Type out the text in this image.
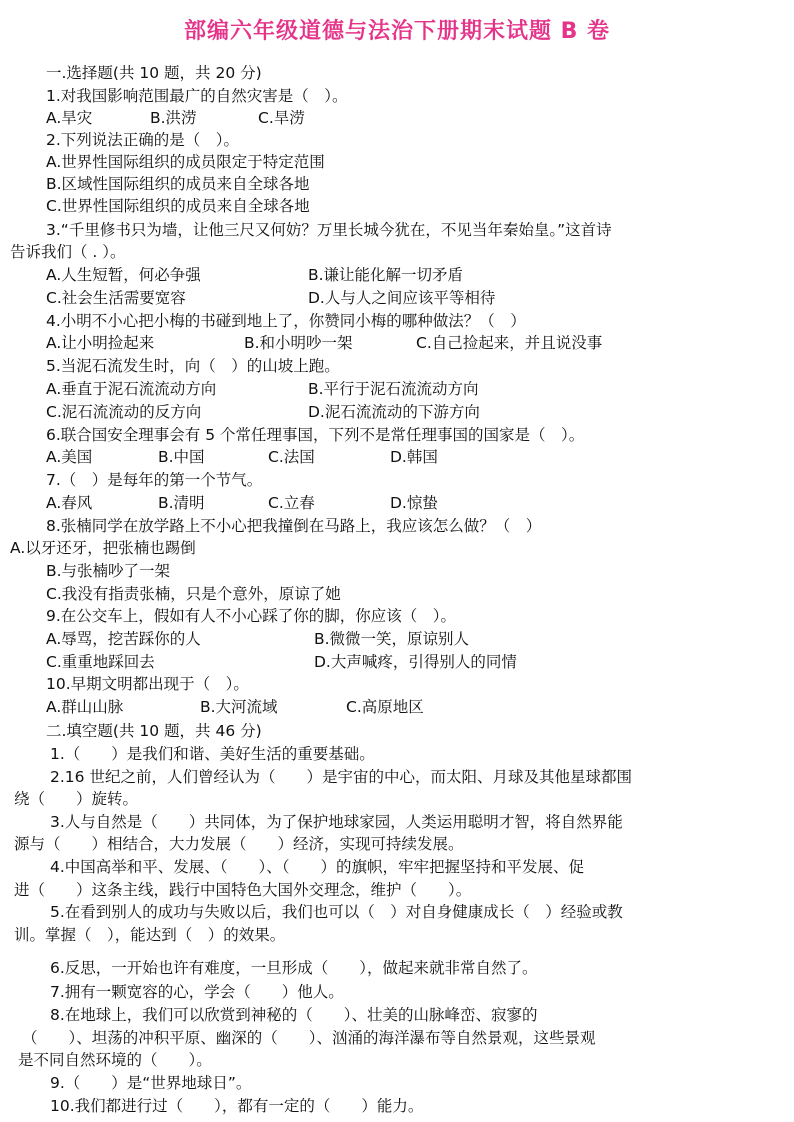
部编六年级道德与法治下册期末试题 B 卷
一.选择题(共 10 题，共 20 分)
1.对我国影响范围最广的自然灾害是（　）。
A.旱灾	B.洪涝	C.旱涝
2.下列说法正确的是（　）。
A.世界性国际组织的成员限定于特定范围
B.区域性国际组织的成员来自全球各地
C.世界性国际组织的成员来自全球各地
3.“千里修书只为墙，让他三尺又何妨？万里长城今犹在，不见当年秦始皇。”这首诗
告诉我们（ . ）。
A.人生短暂，何必争强	B.谦让能化解一切矛盾
C.社会生活需要宽容	D.人与人之间应该平等相待
4.小明不小心把小梅的书碰到地上了，你赞同小梅的哪种做法？（　）
A.让小明捡起来	B.和小明吵一架	C.自己捡起来，并且说没事
5.当泥石流发生时，向（　）的山坡上跑。
A.垂直于泥石流流动方向	B.平行于泥石流流动方向
C.泥石流流动的反方向	D.泥石流流动的下游方向
6.联合国安全理事会有 5 个常任理事国，下列不是常任理事国的国家是（　）。
A.美国	B.中国	C.法国	D.韩国
7.（　）是每年的第一个节气。
A.春风	B.清明	C.立春	D.惊蛰
8.张楠同学在放学路上不小心把我撞倒在马路上，我应该怎么做？（　）
A.以牙还牙，把张楠也踢倒
B.与张楠吵了一架
C.我没有指责张楠，只是个意外，原谅了她
9.在公交车上，假如有人不小心踩了你的脚，你应该（　）。
A.辱骂，挖苦踩你的人	B.微微一笑，原谅别人
C.重重地踩回去	D.大声喊疼，引得别人的同情
10.早期文明都出现于（　）。
A.群山山脉	B.大河流域	C.高原地区
二.填空题(共 10 题，共 46 分)
1.（　　）是我们和谐、美好生活的重要基础。
2.16 世纪之前，人们曾经认为（　　）是宇宙的中心，而太阳、月球及其他星球都围
绕（　　）旋转。
3.人与自然是（　　）共同体，为了保护地球家园，人类运用聪明才智，将自然界能
源与（　　）相结合，大力发展（　　）经济，实现可持续发展。
4.中国高举和平、发展、（　　）、（　　）的旗帜，牢牢把握坚持和平发展、促
进（　　）这条主线，践行中国特色大国外交理念，维护（　　）。
5.在看到别人的成功与失败以后，我们也可以（　）对自身健康成长（　）经验或教
训。掌握（　），能达到（　）的效果。
6.反思，一开始也许有难度，一旦形成（　　），做起来就非常自然了。
7.拥有一颗宽容的心，学会（　　）他人。
8.在地球上，我们可以欣赏到神秘的（　　）、壮美的山脉峰峦、寂寥的
（　　）、坦荡的冲积平原、幽深的（　　）、汹涌的海洋瀑布等自然景观，这些景观
是不同自然环境的（　　）。
9.（　　）是“世界地球日”。
10.我们都进行过（　　），都有一定的（　　）能力。
